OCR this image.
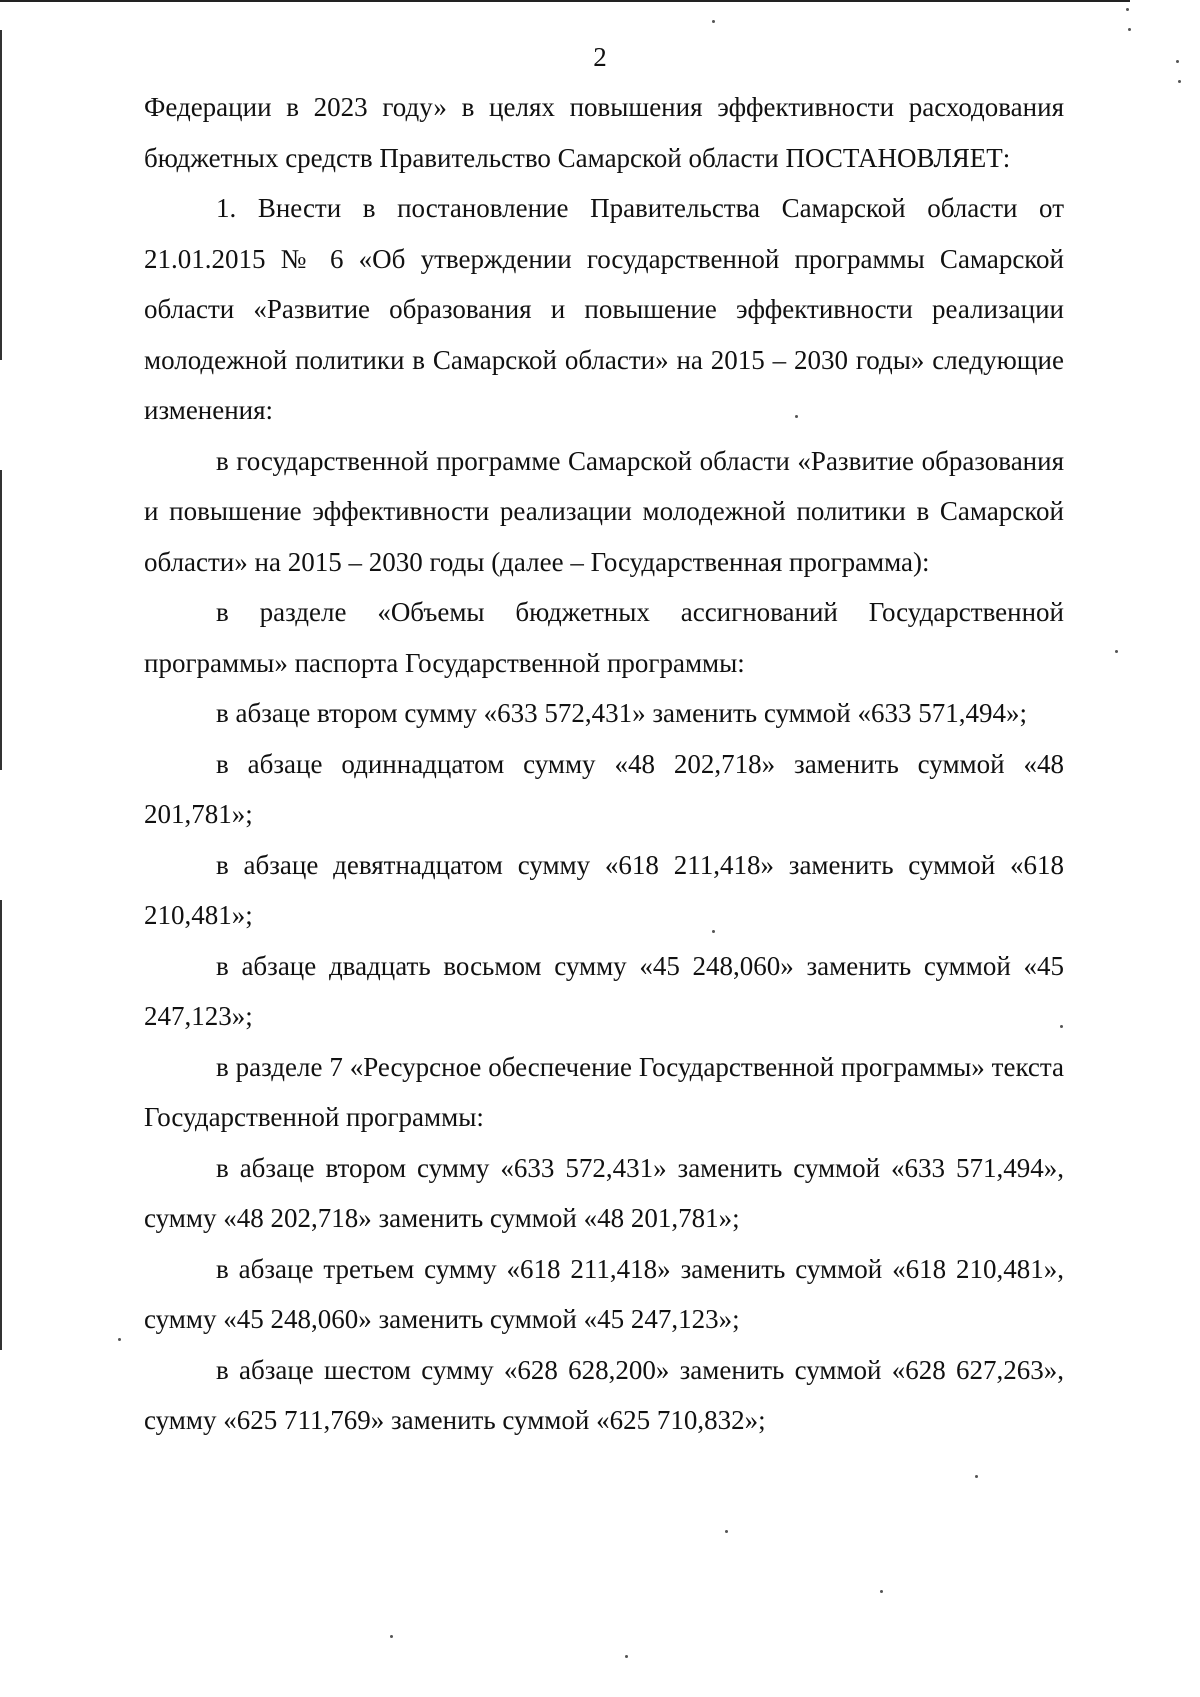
2

Федерации в 2023 году» в целях повышения эффективности расходования бюджетных средств Правительство Самарской области ПОСТАНОВЛЯЕТ:

1. Внести в постановление Правительства Самарской области от 21.01.2015 № 6 «Об утверждении государственной программы Самарской области «Развитие образования и повышение эффективности реализации молодежной политики в Самарской области» на 2015 – 2030 годы» следующие изменения:

в государственной программе Самарской области «Развитие образования и повышение эффективности реализации молодежной политики в Самарской области» на 2015 – 2030 годы (далее – Государственная программа):

в разделе «Объемы бюджетных ассигнований Государственной программы» паспорта Государственной программы:

в абзаце втором сумму «633 572,431» заменить суммой «633 571,494»;

в абзаце одиннадцатом сумму «48 202,718» заменить суммой «48 201,781»;

в абзаце девятнадцатом сумму «618 211,418» заменить суммой «618 210,481»;

в абзаце двадцать восьмом сумму «45 248,060» заменить суммой «45 247,123»;

в разделе 7 «Ресурсное обеспечение Государственной программы» текста Государственной программы:

в абзаце втором сумму «633 572,431» заменить суммой «633 571,494», сумму «48 202,718» заменить суммой «48 201,781»;

в абзаце третьем сумму «618 211,418» заменить суммой «618 210,481», сумму «45 248,060» заменить суммой «45 247,123»;

в абзаце шестом сумму «628 628,200» заменить суммой «628 627,263», сумму «625 711,769» заменить суммой «625 710,832»;
